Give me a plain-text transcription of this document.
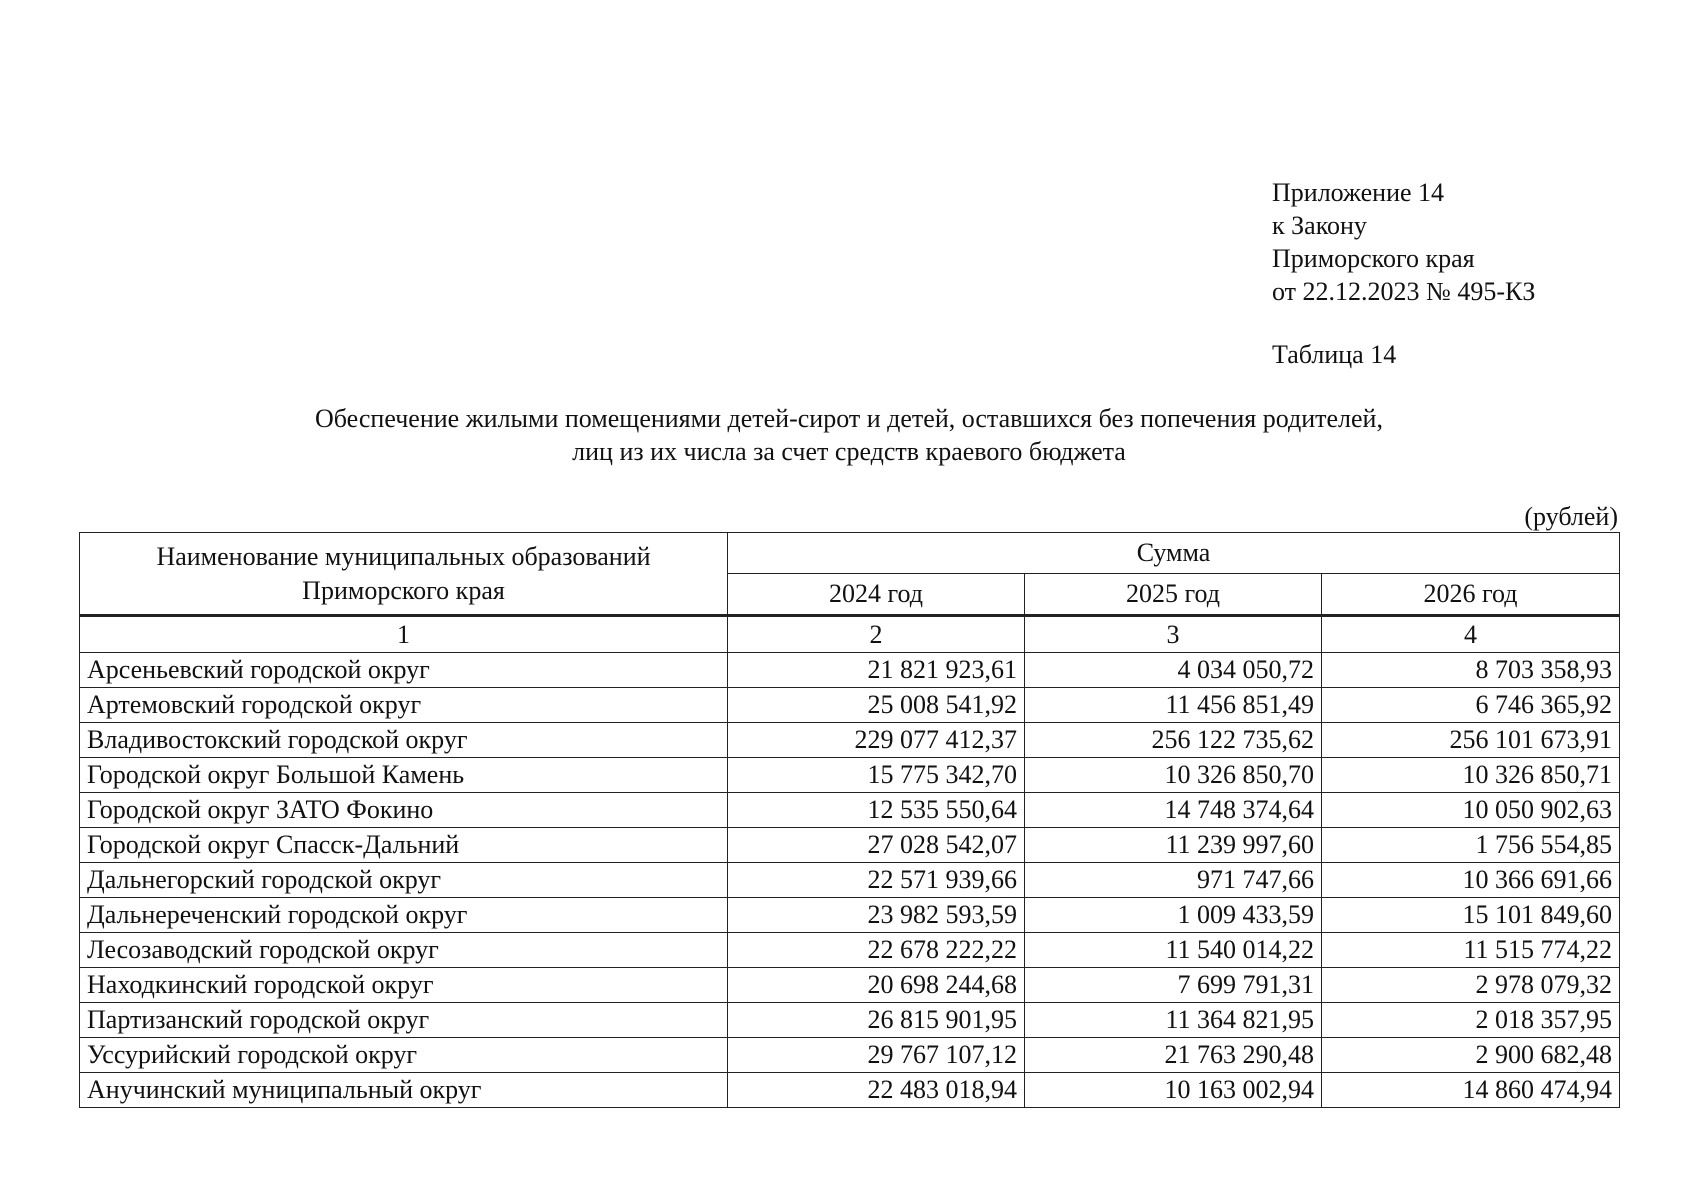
Приложение 14
к Закону
Приморского края
от 22.12.2023 № 495-КЗ
Таблица 14
Обеспечение жилыми помещениями детей-сирот и детей, оставшихся без попечения родителей,
лиц из их числа за счет средств краевого бюджета
(рублей)
Наименование муниципальных образований
Приморского края	Сумма		
	2024 год	2025 год	2026 год
1	2	3	4
Арсеньевский городской округ	21 821 923,61	4 034 050,72	8 703 358,93
Артемовский городской округ	25 008 541,92	11 456 851,49	6 746 365,92
Владивостокский городской округ	229 077 412,37	256 122 735,62	256 101 673,91
Городской округ Большой Камень	15 775 342,70	10 326 850,70	10 326 850,71
Городской округ ЗАТО Фокино	12 535 550,64	14 748 374,64	10 050 902,63
Городской округ Спасск-Дальний	27 028 542,07	11 239 997,60	1 756 554,85
Дальнегорский городской округ	22 571 939,66	971 747,66	10 366 691,66
Дальнереченский городской округ	23 982 593,59	1 009 433,59	15 101 849,60
Лесозаводский городской округ	22 678 222,22	11 540 014,22	11 515 774,22
Находкинский городской округ	20 698 244,68	7 699 791,31	2 978 079,32
Партизанский городской округ	26 815 901,95	11 364 821,95	2 018 357,95
Уссурийский городской округ	29 767 107,12	21 763 290,48	2 900 682,48
Анучинский муниципальный округ	22 483 018,94	10 163 002,94	14 860 474,94
